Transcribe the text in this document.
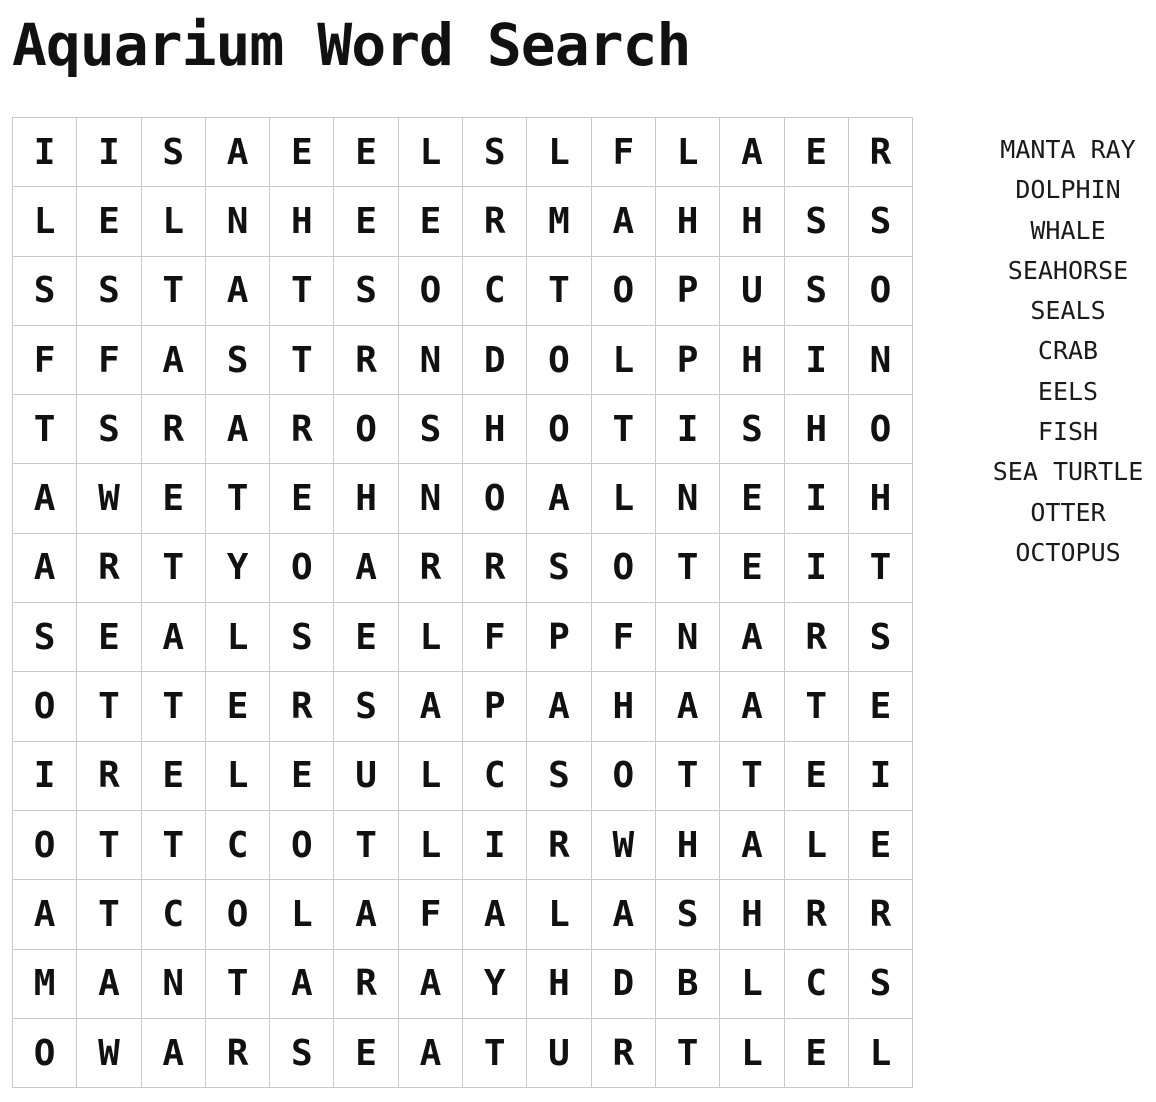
Aquarium Word Search
I	I	S	A	E	E	L	S	L	F	L	A	E	R
L	E	L	N	H	E	E	R	M	A	H	H	S	S
S	S	T	A	T	S	O	C	T	O	P	U	S	O
F	F	A	S	T	R	N	D	O	L	P	H	I	N
T	S	R	A	R	O	S	H	O	T	I	S	H	O
A	W	E	T	E	H	N	O	A	L	N	E	I	H
A	R	T	Y	O	A	R	R	S	O	T	E	I	T
S	E	A	L	S	E	L	F	P	F	N	A	R	S
O	T	T	E	R	S	A	P	A	H	A	A	T	E
I	R	E	L	E	U	L	C	S	O	T	T	E	I
O	T	T	C	O	T	L	I	R	W	H	A	L	E
A	T	C	O	L	A	F	A	L	A	S	H	R	R
M	A	N	T	A	R	A	Y	H	D	B	L	C	S
O	W	A	R	S	E	A	T	U	R	T	L	E	L
MANTA RAY
DOLPHIN
WHALE
SEAHORSE
SEALS
CRAB
EELS
FISH
SEA TURTLE
OTTER
OCTOPUS
